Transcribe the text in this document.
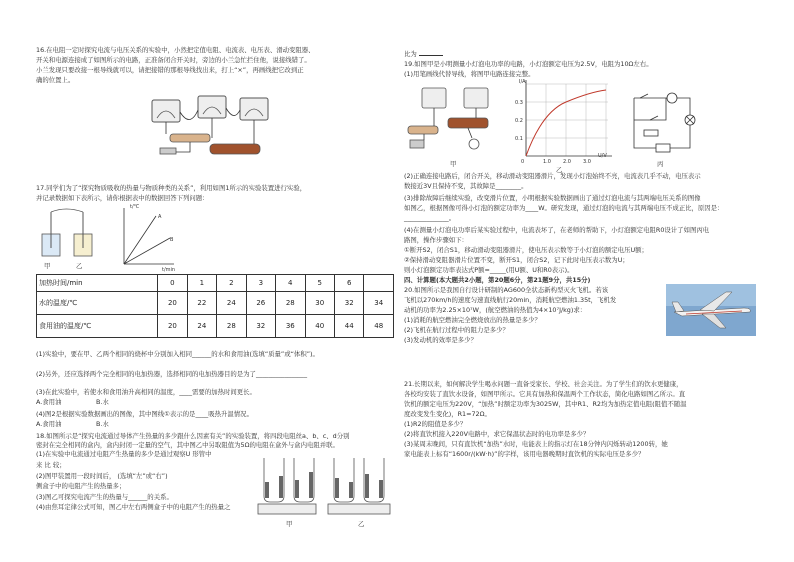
16.在电阻一定时探究电流与电压关系的实验中，小然把定值电阻、电流表、电压表、滑动变阻器、
开关和电源连接成了如图所示的电路，正准备闭合开关时，旁边的小兰急忙拦住他，说接线错了。
小兰发现只要改接一根导线就可以，请把接错的那根导线找出来，打上“×”，再画线把它改到正
确的位置上。
17.同学们为了“探究物质吸收的热量与物质种类的关系”，利用如图1所示的实验装置进行实验，
并记录数据如下表所示，请你根据表中的数据回答下列问题：
甲	乙
t/℃
t/min
A
B
加热时间/min	0	1	2	3	4	5	6	
水的温度/℃	20	22	24	26	28	30	32	34
食用油的温度/℃	20	24	28	32	36	40	44	48
(1)实验中，要在甲、乙两个相同的烧杯中分别加入相同______的水和食用油(选填“质量”或“体积”)。
(2)另外，还应选择两个完全相同的电加热器，选择相同的电加热器目的是为了________________
(3)在此实验中，若使水和食用油升高相同的温度，____需要的加热时间更长。
A.食用油	B.水
(4)图2是根据实验数据画出的图像，其中图线①表示的是____吸热升温情况。
A.食用油	B.水
18.如图所示是“探究电流通过导体产生热量的多少跟什么因素有关”的实验装置，将四段电阻丝a、b、c、d分别
密封在完全相同的盒内，盒内封闭一定量的空气，其中图乙中另取阻值为5Ω的电阻在盒外与盒内电阻并联。
(1)在实验中电流通过电阻产生热量的多少是通过观察U 形管中
来 比 较；
(2)图甲装置用一段时间后， (选填“左”或“右”)
侧盒子中的电阻产生的热量多；
(3)图乙可探究电流产生的热量与______的关系。
(4)由焦耳定律公式可知，图乙中左右两侧盒子中的电阻产生的热量之
甲	乙
比为
19.如图甲是小明测量小灯泡电功率的电路，小灯泡额定电压为2.5V，电阻为10Ω左右。
(1)用笔画线代替导线，将图甲电路连接完整。
甲
I/A
U/V
0.3
0.2
0.1
0	1.0 2.0 3.0
乙
丙
(2)正确连接电路后，闭合开关，移动滑动变阻器滑片，发现小灯泡始终不亮，电流表几乎不动，电压表示
数接近3V且保持不变，其故障是________。
(3)排除故障后继续实验，改变滑片位置，小明根据实验数据画出了通过灯泡电流与其两端电压关系的图像
如图乙，根据图像可得小灯泡的额定功率为____W。研究发现，通过灯泡的电流与其两端电压不成正比，原因是：
______________。
(4)在测量小灯泡电功率后某实验过程中，电流表坏了，在老师的帮助下，小灯泡额定电阻R0设计了如图丙电
路图，操作步骤如下：
①断开S2，闭合S1，移动滑动变阻器滑片，使电压表示数等于小灯泡的额定电压U额；
②保持滑动变阻器滑片位置不变，断开S1，闭合S2，记下此时电压表示数为U；
则小灯泡额定功率表达式P额=_____(用U额、U和R0表示)。
四、计算题(本大题共2小题，第20题6分，第21题9分，共15分)
20.如图所示是我国自行设计研制的AG600全状态新构型灭火飞机。若该
飞机以270km/h的速度匀速直线航行20min，消耗航空燃油1.35t，飞机发
动机的功率为2.25×10⁷W，(航空燃油的热值为4×10⁷J/kg)求：
(1)消耗的航空燃油完全燃烧放出的热量是多少？
(2)飞机在航行过程中的阻力是多少？
(3)发动机的效率是多少？
21.长期以来，如何解决学生喝水问题一直备受家长、学校、社会关注。为了学生们的饮水更健康，
各校均安装了直饮水设备，如图甲所示。它具有加热和保温两个工作状态，简化电路如图乙所示。直
饮机的额定电压为220V，“加热”时额定功率为3025W，其中R1、R2均为加热定值电阻(阻值不随温
度改变发生变化)，R1=72Ω。
(1)R2的阻值是多少？
(2)将直饮机接入220V电路中，求它保温状态时的电功率是多少？
(3)某周末晚间，只有直饮机“加热”水时，电能表上的指示灯在18分钟内闪烁转动1200转，她
家电能表上标有“1600r/(kW·h)”的字样，该用电器晚期时直饮机的实际电压是多少？
